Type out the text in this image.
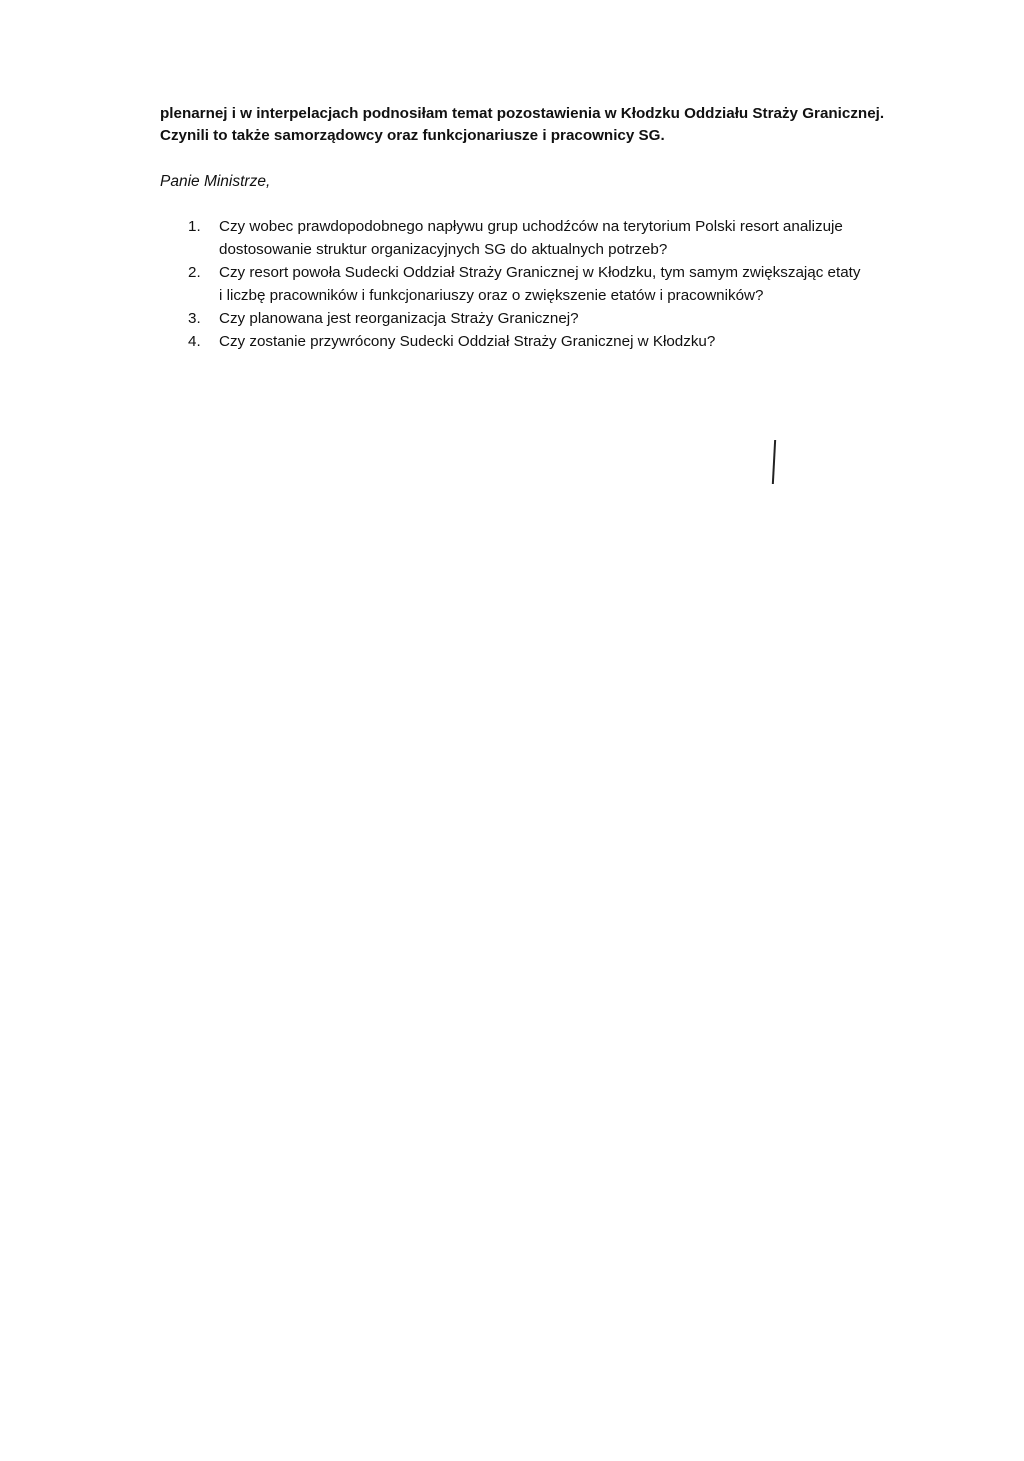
plenarnej i w interpelacjach podnosiłam temat pozostawienia w Kłodzku Oddziału Straży Granicznej.

Czynili to także samorządowcy oraz funkcjonariusze i pracownicy SG.

Panie Ministrze,

1. Czy wobec prawdopodobnego napływu grup uchodźców na terytorium Polski resort analizuje
dostosowanie struktur organizacyjnych SG do aktualnych potrzeb?
2. Czy resort powoła Sudecki Oddział Straży Granicznej w Kłodzku, tym samym zwiększając etaty
i liczbę pracowników i funkcjonariuszy oraz o zwiększenie etatów i pracowników?
3. Czy planowana jest reorganizacja Straży Granicznej?
4. Czy zostanie przywrócony Sudecki Oddział Straży Granicznej w Kłodzku?
